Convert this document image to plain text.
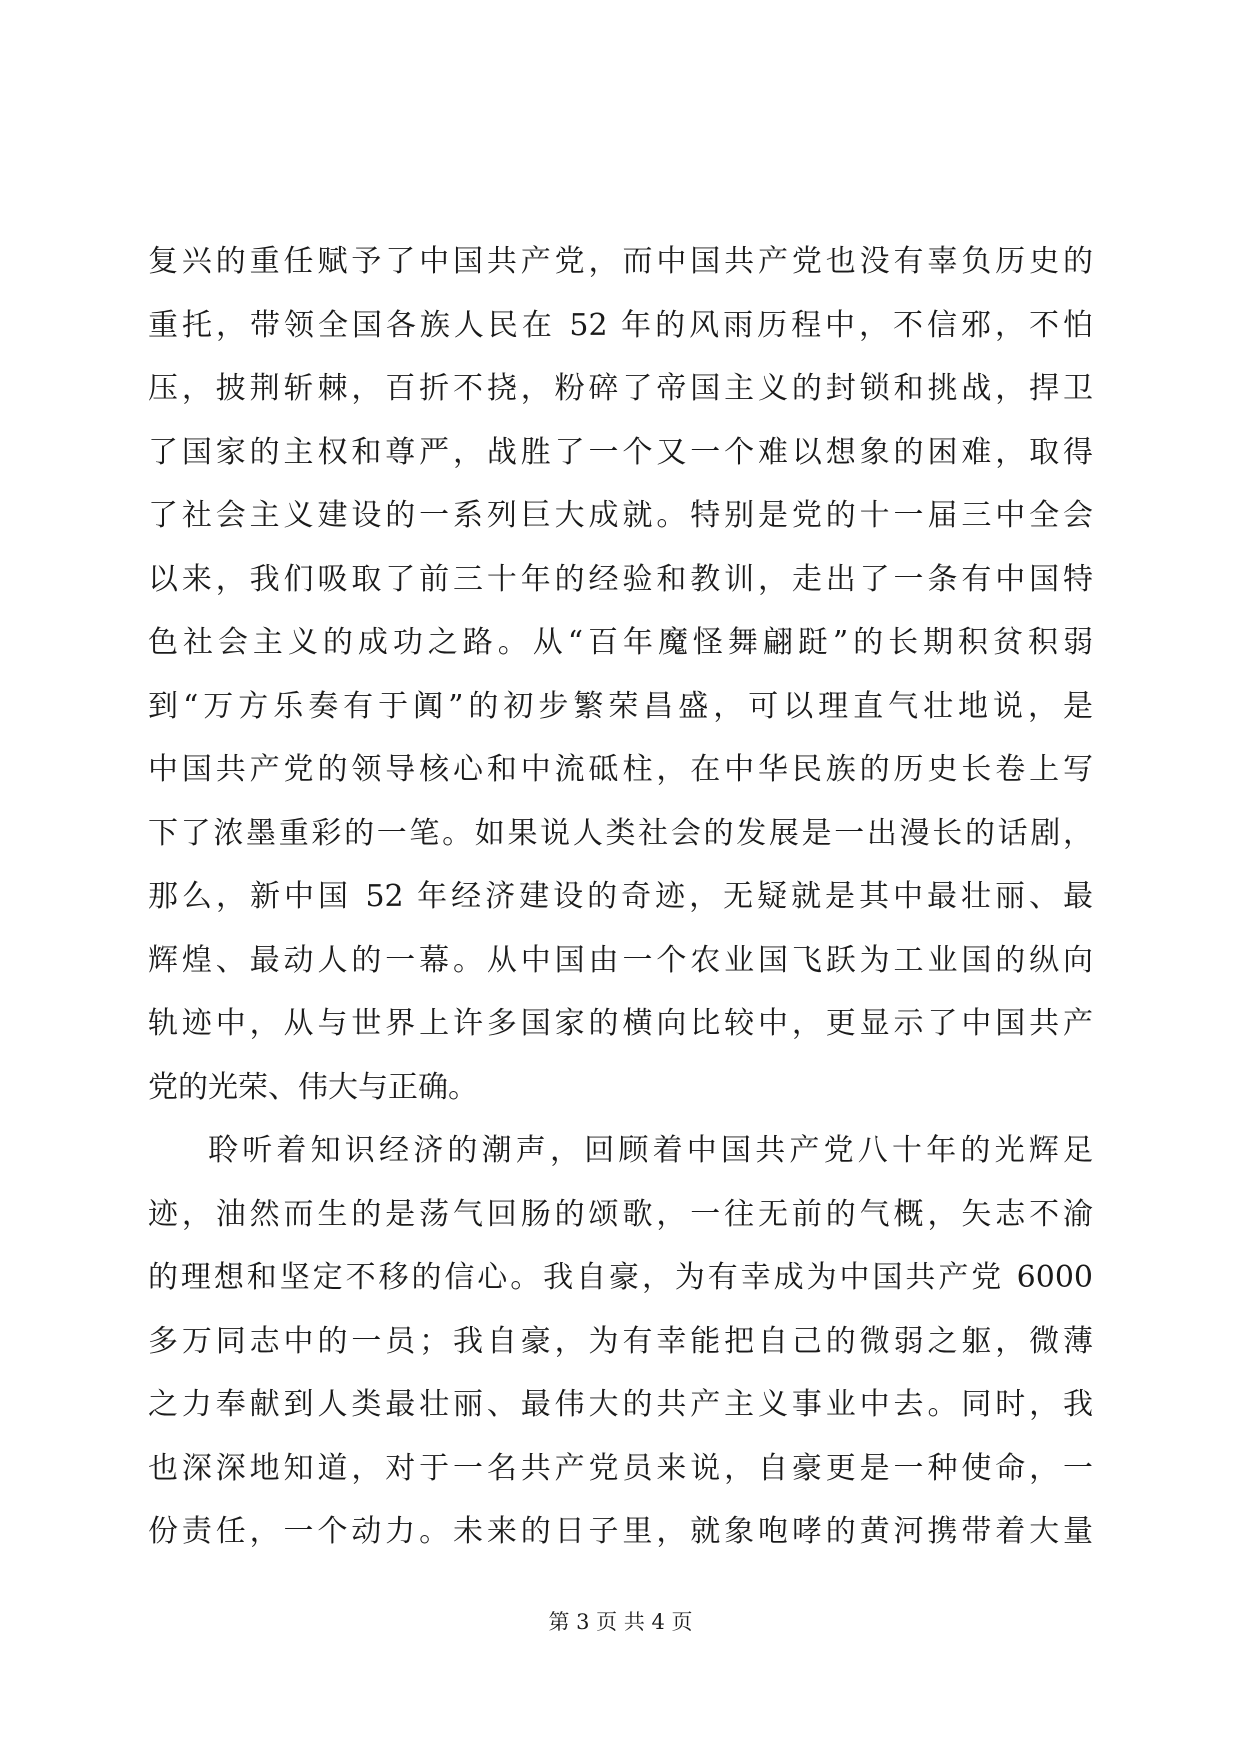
复兴的重任赋予了中国共产党，而中国共产党也没有辜负历史的
重托，带领全国各族人民在 52 年的风雨历程中，不信邪，不怕
压，披荆斩棘，百折不挠，粉碎了帝国主义的封锁和挑战，捍卫
了国家的主权和尊严，战胜了一个又一个难以想象的困难，取得
了社会主义建设的一系列巨大成就。特别是党的十一届三中全会
以来，我们吸取了前三十年的经验和教训，走出了一条有中国特
色社会主义的成功之路。从“百年魔怪舞翩跹”的长期积贫积弱
到“万方乐奏有于阗”的初步繁荣昌盛，可以理直气壮地说，是
中国共产党的领导核心和中流砥柱，在中华民族的历史长卷上写
下了浓墨重彩的一笔。如果说人类社会的发展是一出漫长的话剧，
那么，新中国 52 年经济建设的奇迹，无疑就是其中最壮丽、最
辉煌、最动人的一幕。从中国由一个农业国飞跃为工业国的纵向
轨迹中，从与世界上许多国家的横向比较中，更显示了中国共产
党的光荣、伟大与正确。
聆听着知识经济的潮声，回顾着中国共产党八十年的光辉足
迹，油然而生的是荡气回肠的颂歌，一往无前的气概，矢志不渝
的理想和坚定不移的信心。我自豪，为有幸成为中国共产党 6000
多万同志中的一员；我自豪，为有幸能把自己的微弱之躯，微薄
之力奉献到人类最壮丽、最伟大的共产主义事业中去。同时，我
也深深地知道，对于一名共产党员来说，自豪更是一种使命，一
份责任，一个动力。未来的日子里，就象咆哮的黄河携带着大量
第 3 页 共 4 页
